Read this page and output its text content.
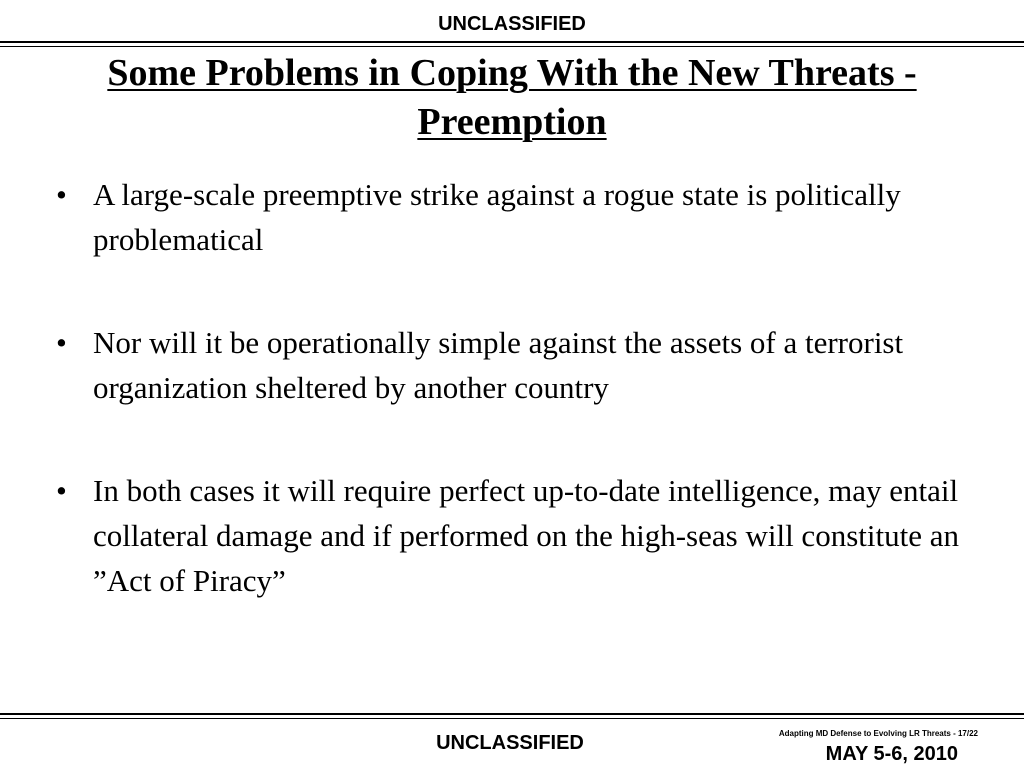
UNCLASSIFIED
Some Problems in Coping With the New Threats -
Preemption
• A large-scale preemptive strike against a rogue state is politically problematical
• Nor will it be operationally simple against the assets of a terrorist organization sheltered by another country
• In both cases it will require perfect up-to-date intelligence, may entail collateral damage and if performed on the high-seas will constitute an ”Act of Piracy”
UNCLASSIFIED	Adapting MD Defense to Evolving LR Threats - 17/22
MAY 5-6, 2010
